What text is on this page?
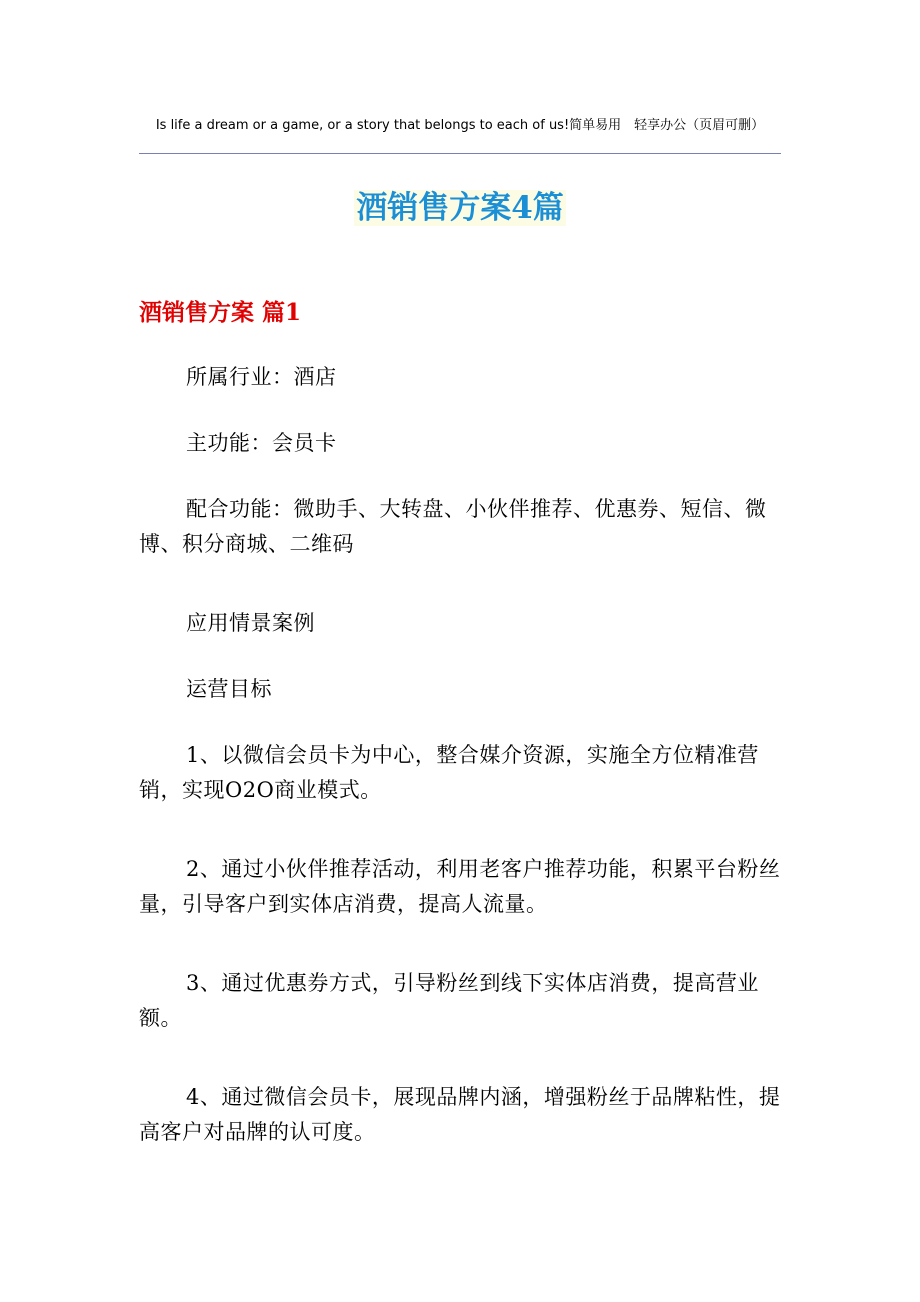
Is life a dream or a game, or a story that belongs to each of us!简单易用　轻享办公（页眉可删）
酒销售方案4篇
酒销售方案 篇1

所属行业：酒店

主功能：会员卡

配合功能：微助手、大转盘、小伙伴推荐、优惠券、短信、微博、积分商城、二维码

应用情景案例

运营目标

1、以微信会员卡为中心，整合媒介资源，实施全方位精准营销，实现O2O商业模式。

2、通过小伙伴推荐活动，利用老客户推荐功能，积累平台粉丝量，引导客户到实体店消费，提高人流量。

3、通过优惠券方式，引导粉丝到线下实体店消费，提高营业额。

4、通过微信会员卡，展现品牌内涵，增强粉丝于品牌粘性，提高客户对品牌的认可度。
